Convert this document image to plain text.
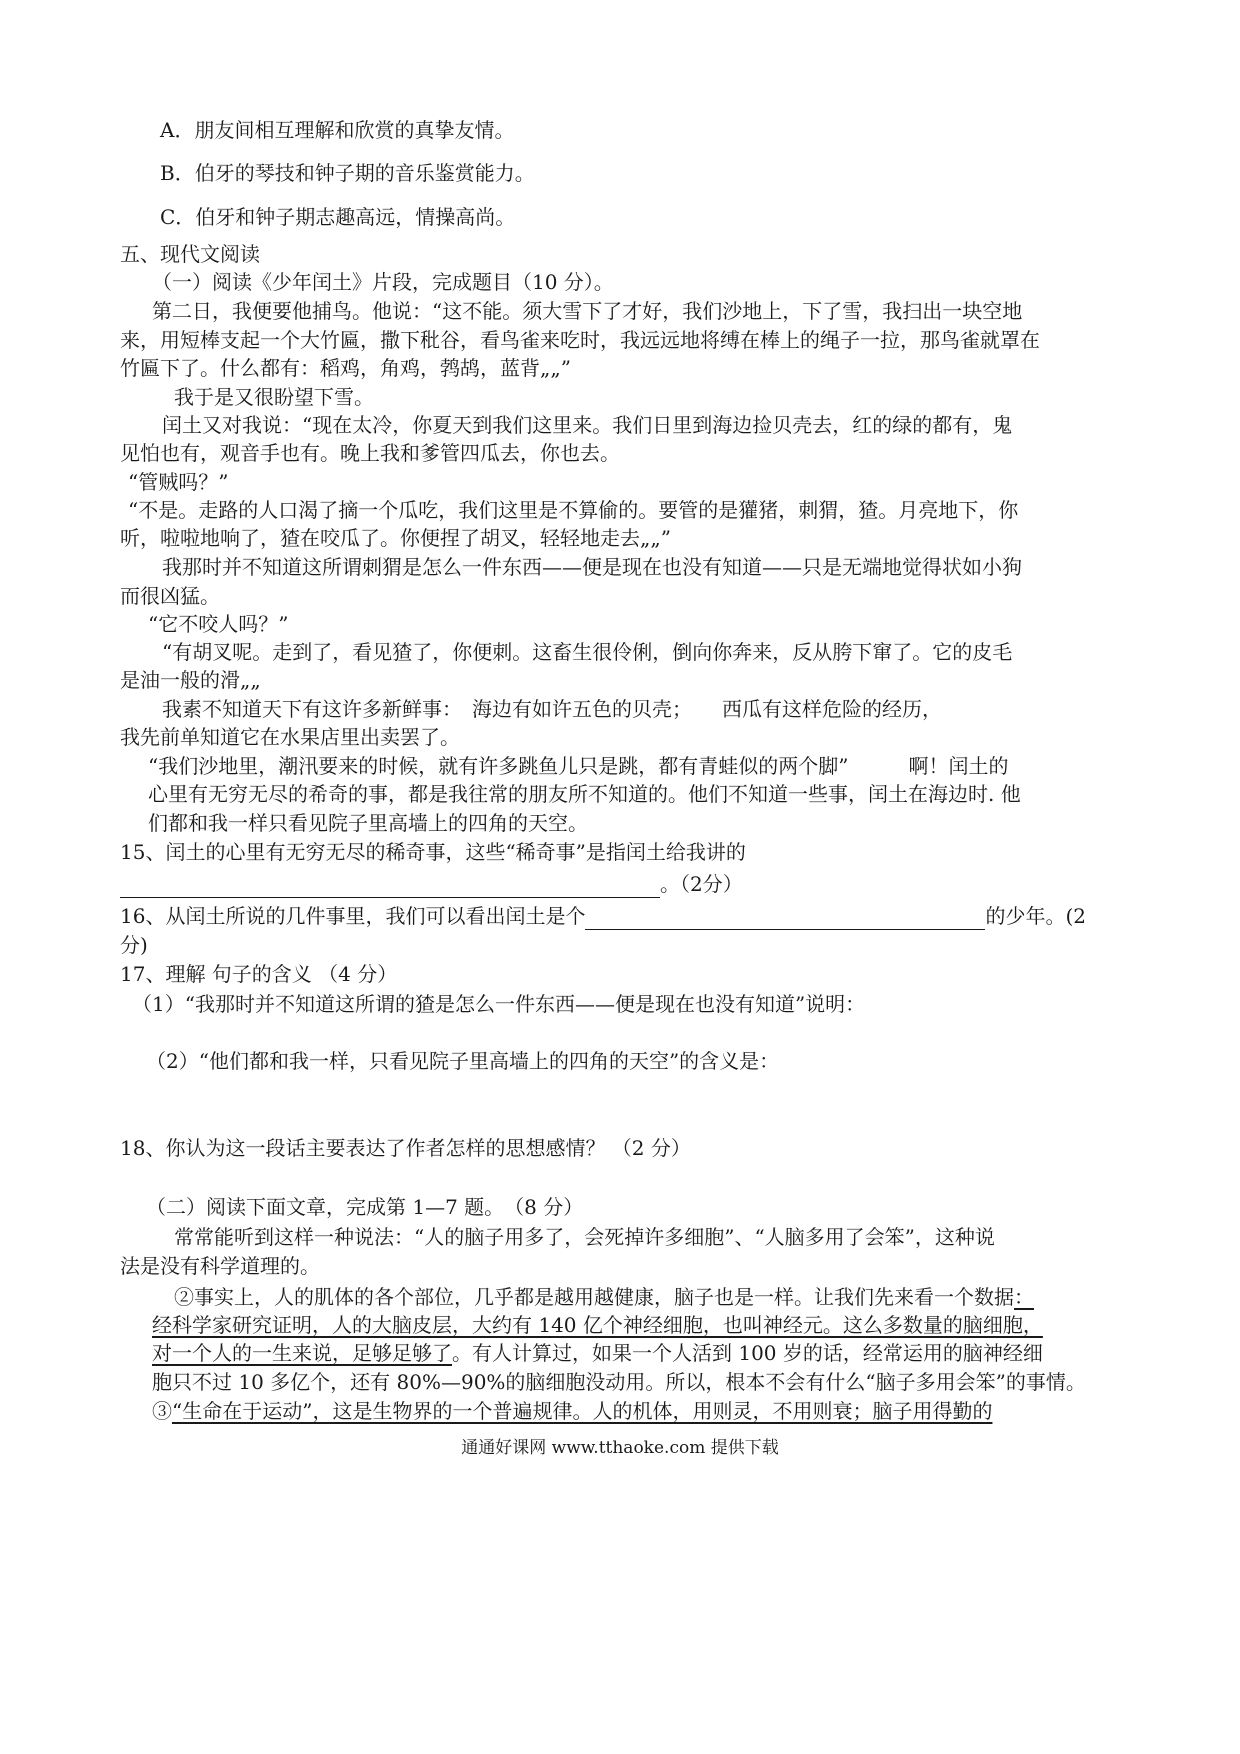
A．朋友间相互理解和欣赏的真挚友情。
B．伯牙的琴技和钟子期的音乐鉴赏能力。
C．伯牙和钟子期志趣高远，情操高尚。
五、现代文阅读
（一）阅读《少年闰土》片段，完成题目（10 分）。
第二日，我便要他捕鸟。他说：“这不能。须大雪下了才好，我们沙地上，下了雪，我扫出一块空地
来，用短棒支起一个大竹匾，撒下秕谷，看鸟雀来吃时，我远远地将缚在棒上的绳子一拉，那鸟雀就罩在
竹匾下了。什么都有：稻鸡，角鸡，鹁鸪，蓝背„„”
我于是又很盼望下雪。
闰土又对我说：“现在太冷，你夏天到我们这里来。我们日里到海边捡贝壳去，红的绿的都有，鬼
见怕也有，观音手也有。晚上我和爹管四瓜去，你也去。
“管贼吗？”
“不是。走路的人口渴了摘一个瓜吃，我们这里是不算偷的。要管的是獾猪，刺猬，猹。月亮地下，你
听，啦啦地响了，猹在咬瓜了。你便捏了胡叉，轻轻地走去„„”
我那时并不知道这所谓刺猬是怎么一件东西——便是现在也没有知道——只是无端地觉得状如小狗
而很凶猛。
“它不咬人吗？”
“有胡叉呢。走到了，看见猹了，你便刺。这畜生很伶俐，倒向你奔来，反从胯下窜了。它的皮毛
是油一般的滑„„
我素不知道天下有这许多新鲜事：　海边有如许五色的贝壳；　　西瓜有这样危险的经历，
我先前单知道它在水果店里出卖罢了。
“我们沙地里，潮汛要来的时候，就有许多跳鱼儿只是跳，都有青蛙似的两个脚”　　　啊！闰土的
心里有无穷无尽的希奇的事，都是我往常的朋友所不知道的。他们不知道一些事，闰土在海边时. 他
们都和我一样只看见院子里高墙上的四角的天空。
15、闰土的心里有无穷无尽的稀奇事，这些“稀奇事”是指闰土给我讲的
。（2分）
16、从闰土所说的几件事里，我们可以看出闰土是个	的少年。(2
分)
17、理解 句子的含义 （4 分）
（1）“我那时并不知道这所谓的猹是怎么一件东西——便是现在也没有知道”说明：
（2）“他们都和我一样，只看见院子里高墙上的四角的天空”的含义是：
18、你认为这一段话主要表达了作者怎样的思想感情？ （2 分）
（二）阅读下面文章，完成第 1—7 题。　（8 分）
常常能听到这样一种说法：“人的脑子用多了，会死掉许多细胞”、“人脑多用了会笨”，这种说
法是没有科学道理的。
②事实上，人的肌体的各个部位，几乎都是越用越健康，脑子也是一样。让我们先来看一个数据：
经科学家研究证明，人的大脑皮层，大约有 140 亿个神经细胞，也叫神经元。这么多数量的脑细胞，
对一个人的一生来说，足够足够了。有人计算过，如果一个人活到 100 岁的话，经常运用的脑神经细
胞只不过 10 多亿个，还有 80%—90%的脑细胞没动用。所以，根本不会有什么“脑子多用会笨”的事情。
③“生命在于运动”，这是生物界的一个普遍规律。人的机体，用则灵，不用则衰；脑子用得勤的
通通好课网 www.tthaoke.com 提供下载
